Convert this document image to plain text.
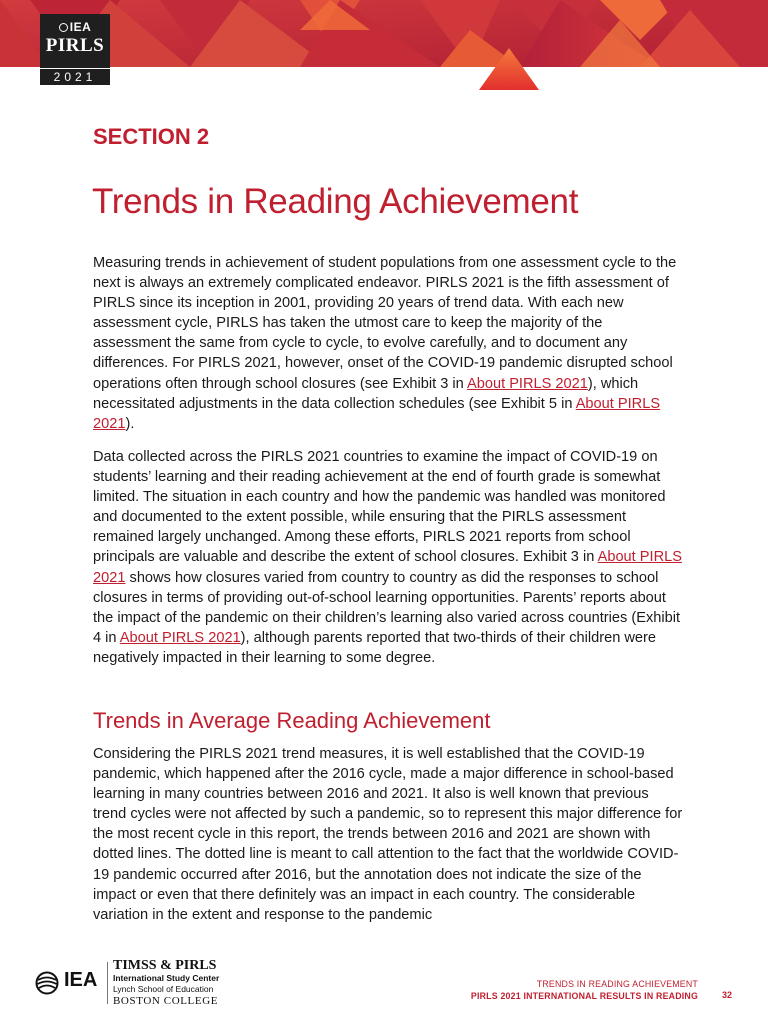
IEA
PIRLS
2021
SECTION 2
Trends in Reading Achievement

Measuring trends in achievement of student populations from one assessment cycle to the next is always an extremely complicated endeavor. PIRLS 2021 is the fifth assessment of PIRLS since its inception in 2001, providing 20 years of trend data. With each new assessment cycle, PIRLS has taken the utmost care to keep the majority of the assessment the same from cycle to cycle, to evolve carefully, and to document any differences. For PIRLS 2021, however, onset of the COVID-19 pandemic disrupted school operations often through school closures (see Exhibit 3 in About PIRLS 2021), which necessitated adjustments in the data collection schedules (see Exhibit 5 in About PIRLS 2021).

Data collected across the PIRLS 2021 countries to examine the impact of COVID-19 on students’ learning and their reading achievement at the end of fourth grade is somewhat limited. The situation in each country and how the pandemic was handled was monitored and documented to the extent possible, while ensuring that the PIRLS assessment remained largely unchanged. Among these efforts, PIRLS 2021 reports from school principals are valuable and describe the extent of school closures. Exhibit 3 in About PIRLS 2021 shows how closures varied from country to country as did the responses to school closures in terms of providing out-of-school learning opportunities. Parents’ reports about the impact of the pandemic on their children’s learning also varied across countries (Exhibit 4 in About PIRLS 2021), although parents reported that two-thirds of their children were negatively impacted in their learning to some degree.

Trends in Average Reading Achievement

Considering the PIRLS 2021 trend measures, it is well established that the COVID-19 pandemic, which happened after the 2016 cycle, made a major difference in school-based learning in many countries between 2016 and 2021. It also is well known that previous trend cycles were not affected by such a pandemic, so to represent this major difference for the most recent cycle in this report, the trends between 2016 and 2021 are shown with dotted lines. The dotted line is meant to call attention to the fact that the worldwide COVID-19 pandemic occurred after 2016, but the annotation does not indicate the size of the impact or even that there definitely was an impact in each country. The considerable variation in the extent and response to the pandemic

IEA
TIMSS & PIRLS
International Study Center
Lynch School of Education
BOSTON COLLEGE
TRENDS IN READING ACHIEVEMENT
PIRLS 2021 INTERNATIONAL RESULTS IN READING	32
